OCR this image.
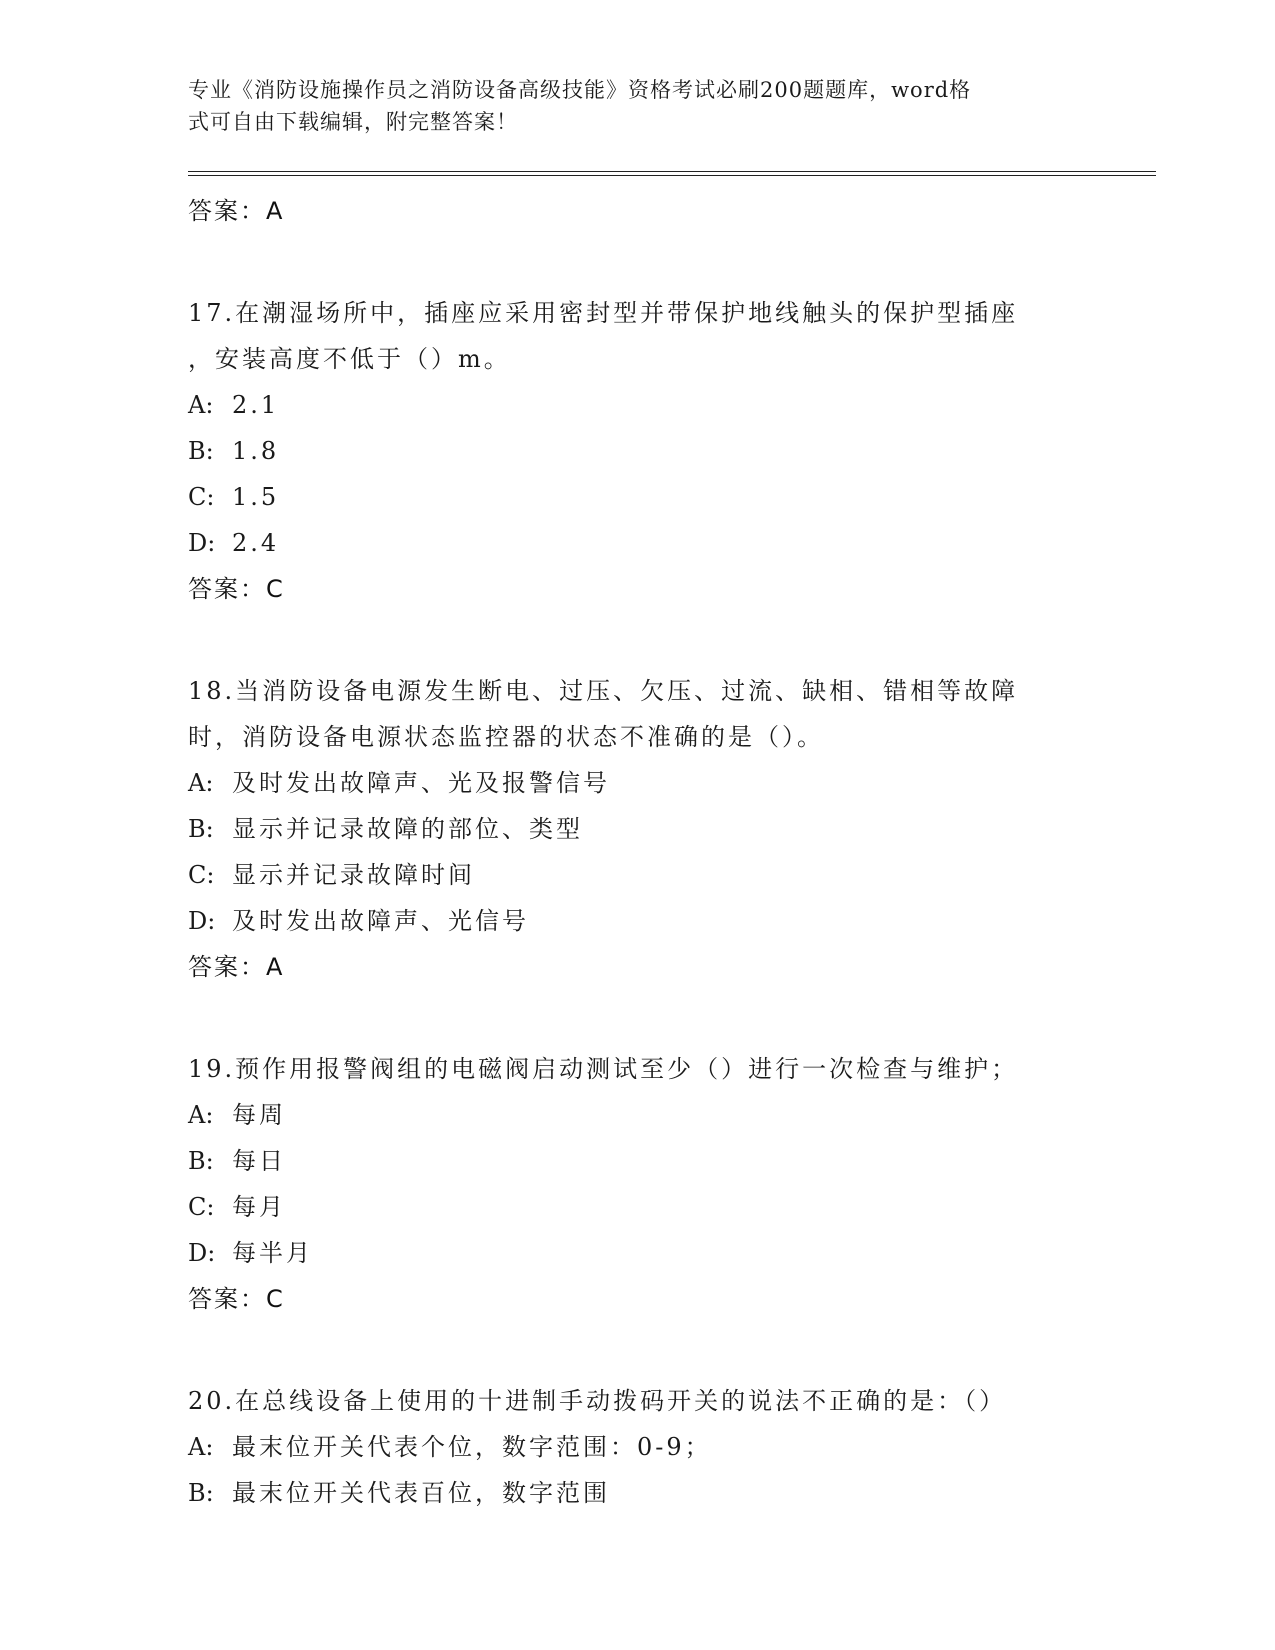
专业《消防设施操作员之消防设备高级技能》资格考试必刷200题题库，word格
式可自由下载编辑，附完整答案！
答案：A
17.在潮湿场所中，插座应采用密封型并带保护地线触头的保护型插座
，安装高度不低于（）m。
A: 2.1
B: 1.8
C: 1.5
D: 2.4
答案：C
18.当消防设备电源发生断电、过压、欠压、过流、缺相、错相等故障
时，消防设备电源状态监控器的状态不准确的是（）。
A: 及时发出故障声、光及报警信号
B: 显示并记录故障的部位、类型
C: 显示并记录故障时间
D: 及时发出故障声、光信号
答案：A
19.预作用报警阀组的电磁阀启动测试至少（）进行一次检查与维护；
A: 每周
B: 每日
C: 每月
D: 每半月
答案：C
20.在总线设备上使用的十进制手动拨码开关的说法不正确的是：（）
A: 最末位开关代表个位，数字范围：0-9；
B: 最末位开关代表百位，数字范围
